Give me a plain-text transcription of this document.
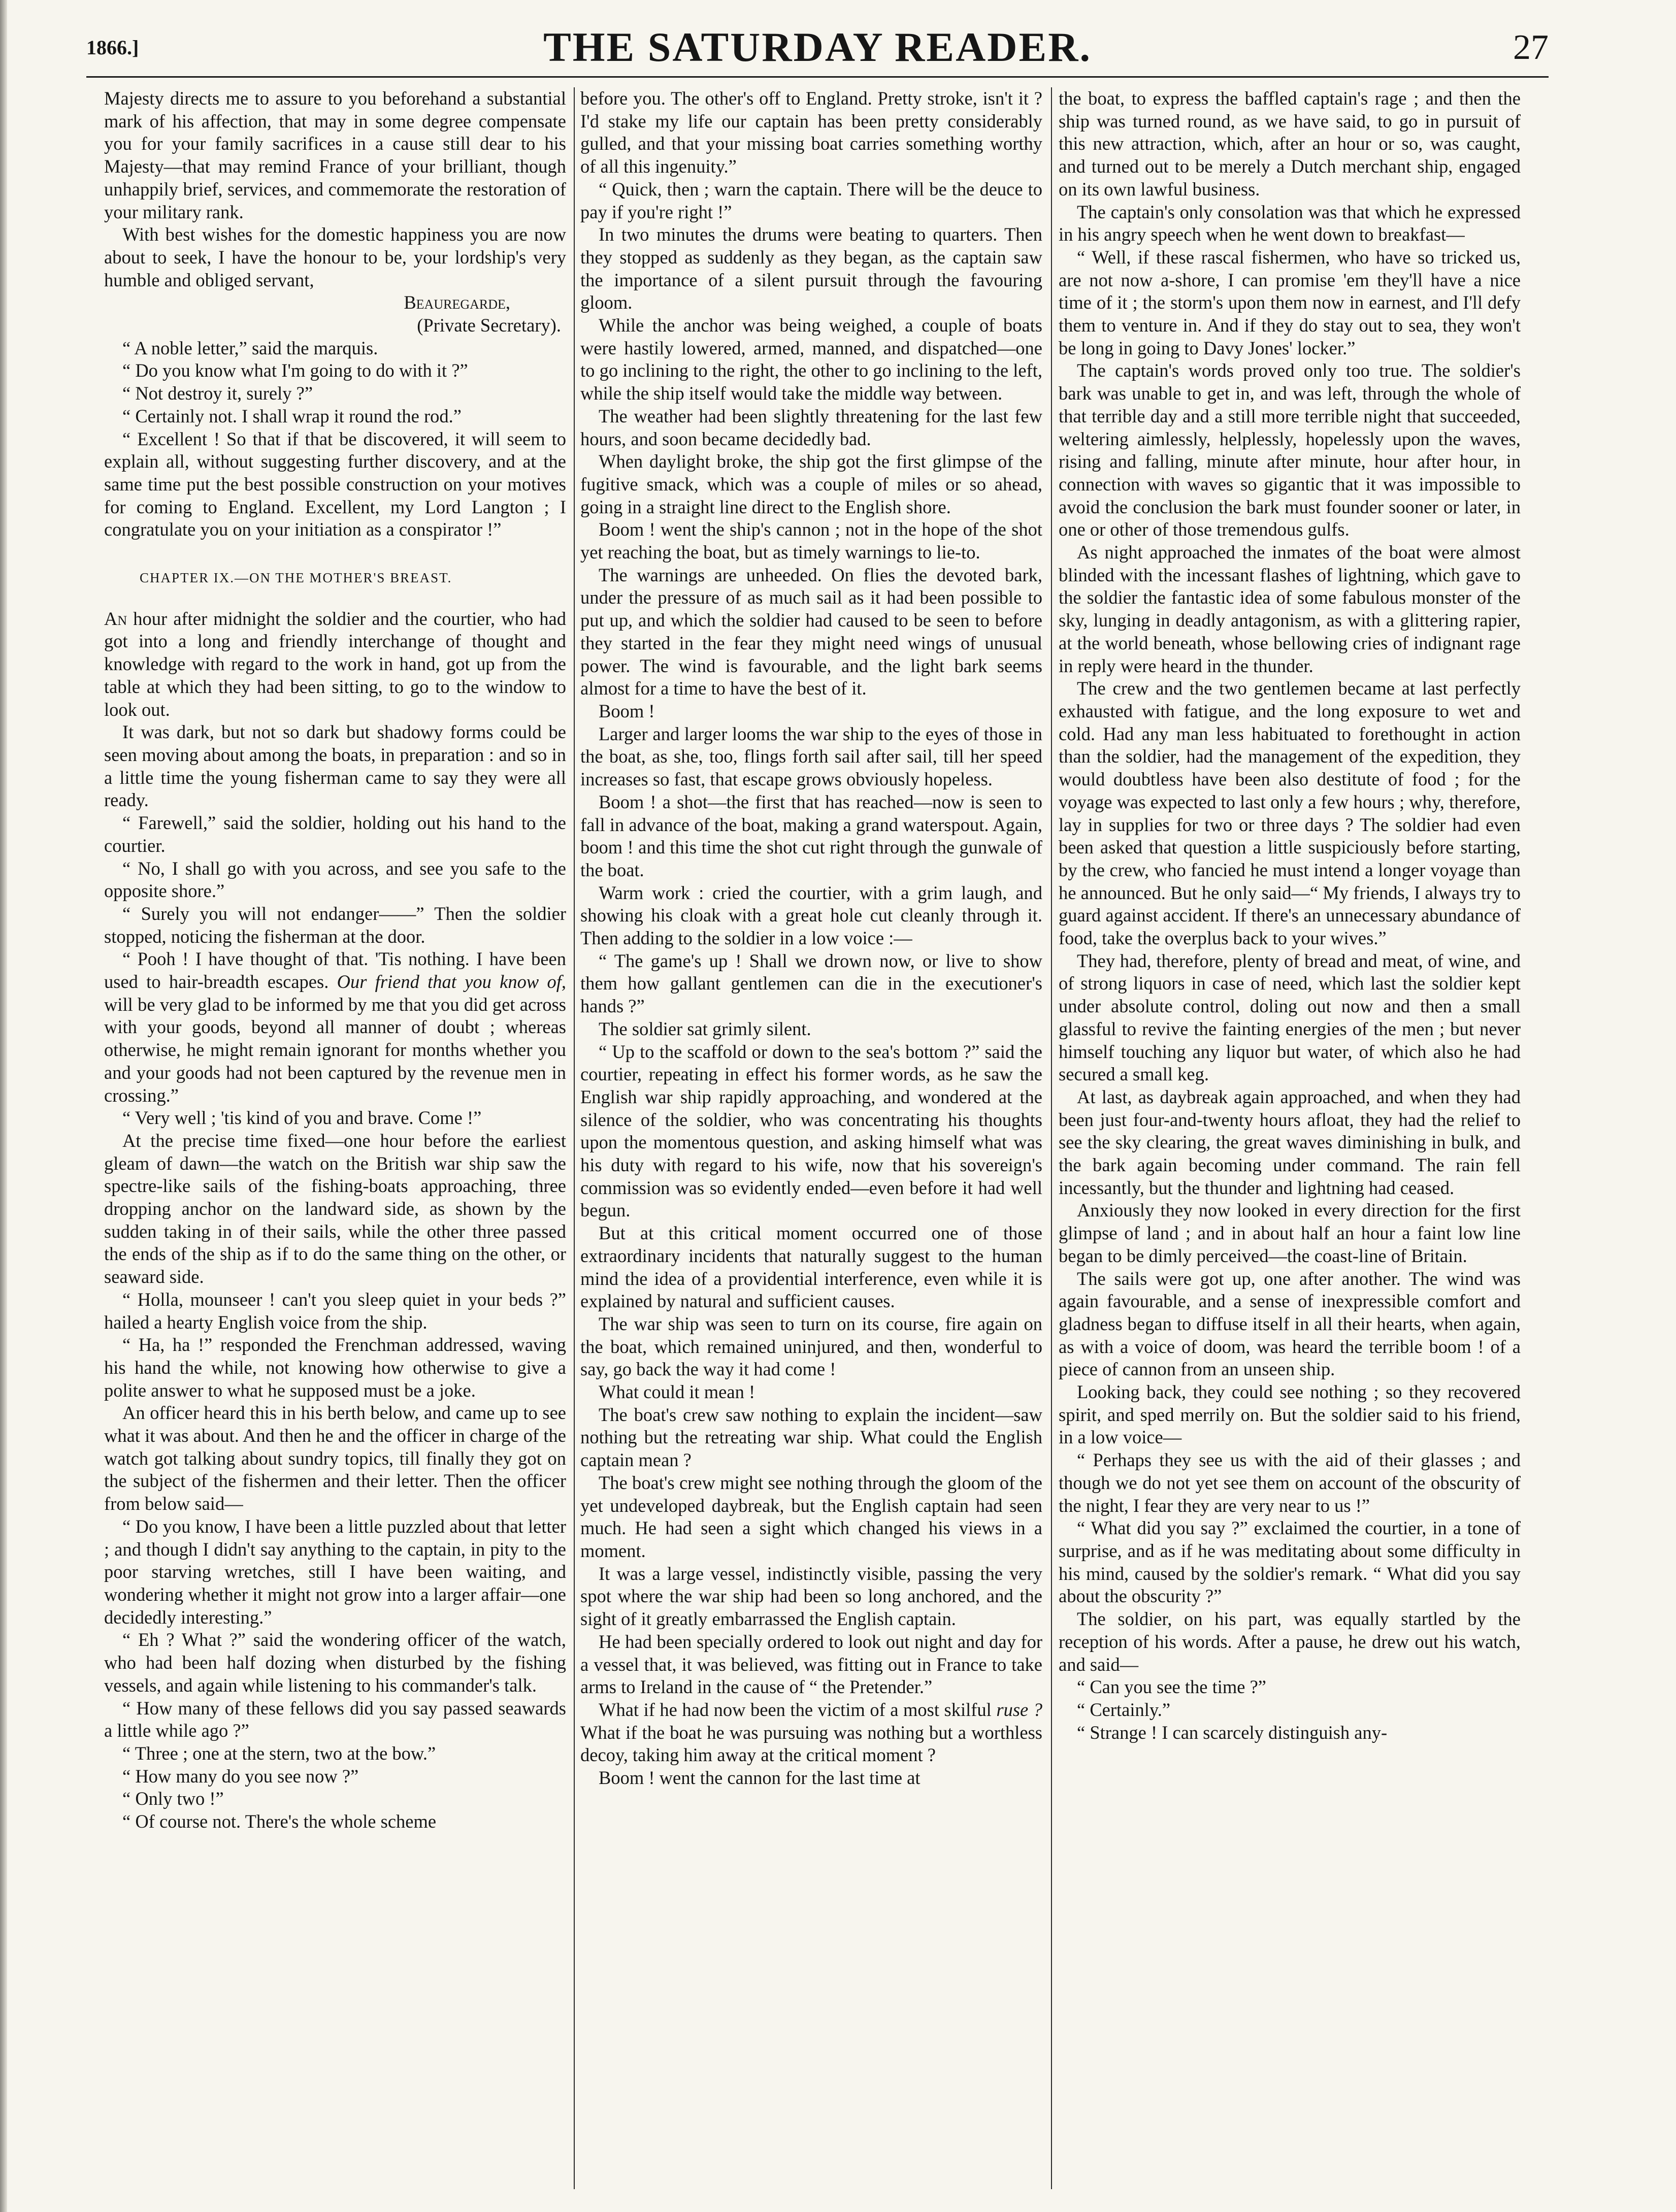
1866.]	THE SATURDAY READER.	27

Majesty directs me to assure to you beforehand a substantial mark of his affection, that may in some degree compensate you for your family sacrifices in a cause still dear to his Majesty—that may remind France of your brilliant, though unhappily brief, services, and commemorate the restoration of your military rank.

With best wishes for the domestic happiness you are now about to seek, I have the honour to be, your lordship's very humble and obliged servant,

Beauregarde,

(Private Secretary).

“ A noble letter,” said the marquis.

“ Do you know what I'm going to do with it ?”

“ Not destroy it, surely ?”

“ Certainly not. I shall wrap it round the rod.”

“ Excellent ! So that if that be discovered, it will seem to explain all, without suggesting further discovery, and at the same time put the best possible construction on your motives for coming to England. Excellent, my Lord Langton ; I congratulate you on your initiation as a conspirator !”

CHAPTER IX.—ON THE MOTHER'S BREAST.

An hour after midnight the soldier and the courtier, who had got into a long and friendly interchange of thought and knowledge with regard to the work in hand, got up from the table at which they had been sitting, to go to the window to look out.

It was dark, but not so dark but shadowy forms could be seen moving about among the boats, in preparation : and so in a little time the young fisherman came to say they were all ready.

“ Farewell,” said the soldier, holding out his hand to the courtier.

“ No, I shall go with you across, and see you safe to the opposite shore.”

“ Surely you will not endanger——” Then the soldier stopped, noticing the fisherman at the door.

“ Pooh ! I have thought of that. 'Tis nothing. I have been used to hair-breadth escapes. Our friend that you know of, will be very glad to be informed by me that you did get across with your goods, beyond all manner of doubt ; whereas otherwise, he might remain ignorant for months whether you and your goods had not been captured by the revenue men in crossing.”

“ Very well ; 'tis kind of you and brave. Come !”

At the precise time fixed—one hour before the earliest gleam of dawn—the watch on the British war ship saw the spectre-like sails of the fishing-boats approaching, three dropping anchor on the landward side, as shown by the sudden taking in of their sails, while the other three passed the ends of the ship as if to do the same thing on the other, or seaward side.

“ Holla, mounseer ! can't you sleep quiet in your beds ?” hailed a hearty English voice from the ship.

“ Ha, ha !” responded the Frenchman addressed, waving his hand the while, not knowing how otherwise to give a polite answer to what he supposed must be a joke.

An officer heard this in his berth below, and came up to see what it was about. And then he and the officer in charge of the watch got talking about sundry topics, till finally they got on the subject of the fishermen and their letter. Then the officer from below said—

“ Do you know, I have been a little puzzled about that letter ; and though I didn't say anything to the captain, in pity to the poor starving wretches, still I have been waiting, and wondering whether it might not grow into a larger affair—one decidedly interesting.”

“ Eh ? What ?” said the wondering officer of the watch, who had been half dozing when disturbed by the fishing vessels, and again while listening to his commander's talk.

“ How many of these fellows did you say passed seawards a little while ago ?”

“ Three ; one at the stern, two at the bow.”

“ How many do you see now ?”

“ Only two !”

“ Of course not. There's the whole scheme

before you. The other's off to England. Pretty stroke, isn't it ? I'd stake my life our captain has been pretty considerably gulled, and that your missing boat carries something worthy of all this ingenuity.”

“ Quick, then ; warn the captain. There will be the deuce to pay if you're right !”

In two minutes the drums were beating to quarters. Then they stopped as suddenly as they began, as the captain saw the importance of a silent pursuit through the favouring gloom.

While the anchor was being weighed, a couple of boats were hastily lowered, armed, manned, and dispatched—one to go inclining to the right, the other to go inclining to the left, while the ship itself would take the middle way between.

The weather had been slightly threatening for the last few hours, and soon became decidedly bad.

When daylight broke, the ship got the first glimpse of the fugitive smack, which was a couple of miles or so ahead, going in a straight line direct to the English shore.

Boom ! went the ship's cannon ; not in the hope of the shot yet reaching the boat, but as timely warnings to lie-to.

The warnings are unheeded. On flies the devoted bark, under the pressure of as much sail as it had been possible to put up, and which the soldier had caused to be seen to before they started in the fear they might need wings of unusual power. The wind is favourable, and the light bark seems almost for a time to have the best of it.

Boom !

Larger and larger looms the war ship to the eyes of those in the boat, as she, too, flings forth sail after sail, till her speed increases so fast, that escape grows obviously hopeless.

Boom ! a shot—the first that has reached—now is seen to fall in advance of the boat, making a grand waterspout. Again, boom ! and this time the shot cut right through the gunwale of the boat.

Warm work : cried the courtier, with a grim laugh, and showing his cloak with a great hole cut cleanly through it. Then adding to the soldier in a low voice :—

“ The game's up ! Shall we drown now, or live to show them how gallant gentlemen can die in the executioner's hands ?”

The soldier sat grimly silent.

“ Up to the scaffold or down to the sea's bottom ?” said the courtier, repeating in effect his former words, as he saw the English war ship rapidly approaching, and wondered at the silence of the soldier, who was concentrating his thoughts upon the momentous question, and asking himself what was his duty with regard to his wife, now that his sovereign's commission was so evidently ended—even before it had well begun.

But at this critical moment occurred one of those extraordinary incidents that naturally suggest to the human mind the idea of a providential interference, even while it is explained by natural and sufficient causes.

The war ship was seen to turn on its course, fire again on the boat, which remained uninjured, and then, wonderful to say, go back the way it had come !

What could it mean !

The boat's crew saw nothing to explain the incident—saw nothing but the retreating war ship. What could the English captain mean ?

The boat's crew might see nothing through the gloom of the yet undeveloped daybreak, but the English captain had seen much. He had seen a sight which changed his views in a moment.

It was a large vessel, indistinctly visible, passing the very spot where the war ship had been so long anchored, and the sight of it greatly embarrassed the English captain.

He had been specially ordered to look out night and day for a vessel that, it was believed, was fitting out in France to take arms to Ireland in the cause of “ the Pretender.”

What if he had now been the victim of a most skilful ruse ? What if the boat he was pursuing was nothing but a worthless decoy, taking him away at the critical moment ?

Boom ! went the cannon for the last time at

the boat, to express the baffled captain's rage ; and then the ship was turned round, as we have said, to go in pursuit of this new attraction, which, after an hour or so, was caught, and turned out to be merely a Dutch merchant ship, engaged on its own lawful business.

The captain's only consolation was that which he expressed in his angry speech when he went down to breakfast—

“ Well, if these rascal fishermen, who have so tricked us, are not now a-shore, I can promise 'em they'll have a nice time of it ; the storm's upon them now in earnest, and I'll defy them to venture in. And if they do stay out to sea, they won't be long in going to Davy Jones' locker.”

The captain's words proved only too true. The soldier's bark was unable to get in, and was left, through the whole of that terrible day and a still more terrible night that succeeded, weltering aimlessly, helplessly, hopelessly upon the waves, rising and falling, minute after minute, hour after hour, in connection with waves so gigantic that it was impossible to avoid the conclusion the bark must founder sooner or later, in one or other of those tremendous gulfs.

As night approached the inmates of the boat were almost blinded with the incessant flashes of lightning, which gave to the soldier the fantastic idea of some fabulous monster of the sky, lunging in deadly antagonism, as with a glittering rapier, at the world beneath, whose bellowing cries of indignant rage in reply were heard in the thunder.

The crew and the two gentlemen became at last perfectly exhausted with fatigue, and the long exposure to wet and cold. Had any man less habituated to forethought in action than the soldier, had the management of the expedition, they would doubtless have been also destitute of food ; for the voyage was expected to last only a few hours ; why, therefore, lay in supplies for two or three days ? The soldier had even been asked that question a little suspiciously before starting, by the crew, who fancied he must intend a longer voyage than he announced. But he only said—“ My friends, I always try to guard against accident. If there's an unnecessary abundance of food, take the overplus back to your wives.”

They had, therefore, plenty of bread and meat, of wine, and of strong liquors in case of need, which last the soldier kept under absolute control, doling out now and then a small glassful to revive the fainting energies of the men ; but never himself touching any liquor but water, of which also he had secured a small keg.

At last, as daybreak again approached, and when they had been just four-and-twenty hours afloat, they had the relief to see the sky clearing, the great waves diminishing in bulk, and the bark again becoming under command. The rain fell incessantly, but the thunder and lightning had ceased.

Anxiously they now looked in every direction for the first glimpse of land ; and in about half an hour a faint low line began to be dimly perceived—the coast-line of Britain.

The sails were got up, one after another. The wind was again favourable, and a sense of inexpressible comfort and gladness began to diffuse itself in all their hearts, when again, as with a voice of doom, was heard the terrible boom ! of a piece of cannon from an unseen ship.

Looking back, they could see nothing ; so they recovered spirit, and sped merrily on. But the soldier said to his friend, in a low voice—

“ Perhaps they see us with the aid of their glasses ; and though we do not yet see them on account of the obscurity of the night, I fear they are very near to us !”

“ What did you say ?” exclaimed the courtier, in a tone of surprise, and as if he was meditating about some difficulty in his mind, caused by the soldier's remark. “ What did you say about the obscurity ?”

The soldier, on his part, was equally startled by the reception of his words. After a pause, he drew out his watch, and said—

“ Can you see the time ?”

“ Certainly.”

“ Strange ! I can scarcely distinguish any-
